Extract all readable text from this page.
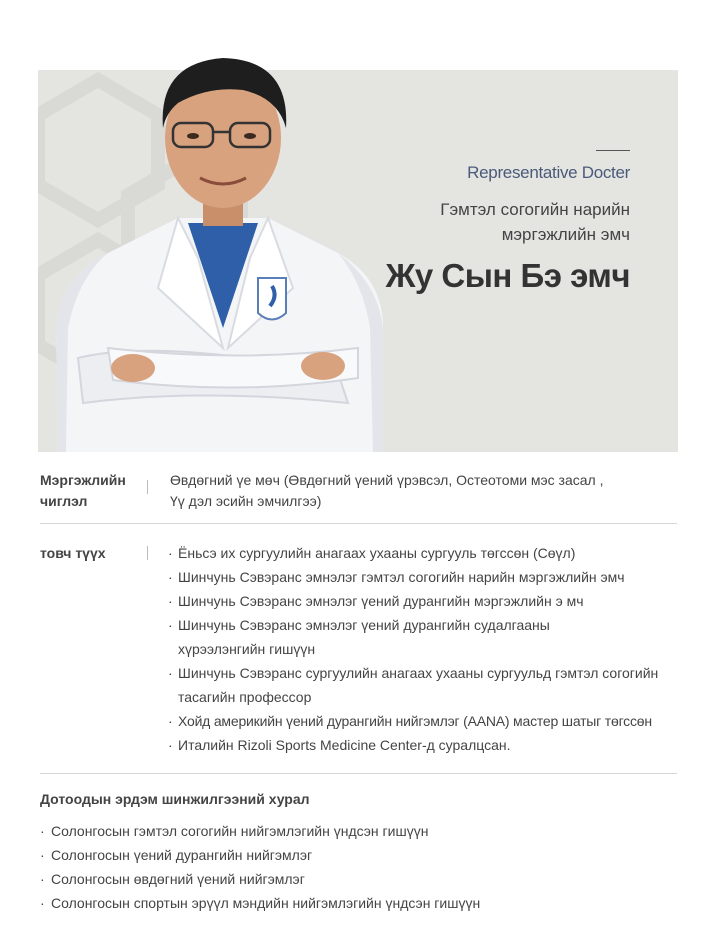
Representative Docter
Гэмтэл согогийн нарийн мэргэжлийн эмч
Жу Сын Бэ эмч
Мэргэжлийн чиглэл
Өвдөгний үе мөч (Өвдөгний үений үрэвсэл, Остеотоми мэс засал ,
Үү дэл эсийн эмчилгээ)
товч түүх
·	Ёньсэ их сургуулийн анагаах ухааны сургууль төгссөн (Сөүл)
· Шинчунь Сэвэранс эмнэлэг гэмтэл согогийн нарийн мэргэжлийн эмч
· Шинчунь Сэвэранс эмнэлэг үений дурангийн мэргэжлийн э мч
· Шинчунь Сэвэранс эмнэлэг үений дурангийн судалгааны хүрээлэнгийн гишүүн
· Шинчунь Сэвэранс сургуулийн анагаах ухааны сургуульд гэмтэл согогийн тасагийн профессор
· Хойд америкийн үений дурангийн нийгэмлэг (AANA) мастер шатыг төгссөн
· Италийн Rizoli Sports Medicine Center-д суралцсан.
Дотоодын эрдэм шинжилгээний хурал
· Солонгосын гэмтэл согогийн нийгэмлэгийн үндсэн гишүүн
· Солонгосын үений дурангийн нийгэмлэг
· Солонгосын өвдөгний үений нийгэмлэг
· Солонгосын спортын эрүүл мэндийн нийгэмлэгийн үндсэн гишүүн
